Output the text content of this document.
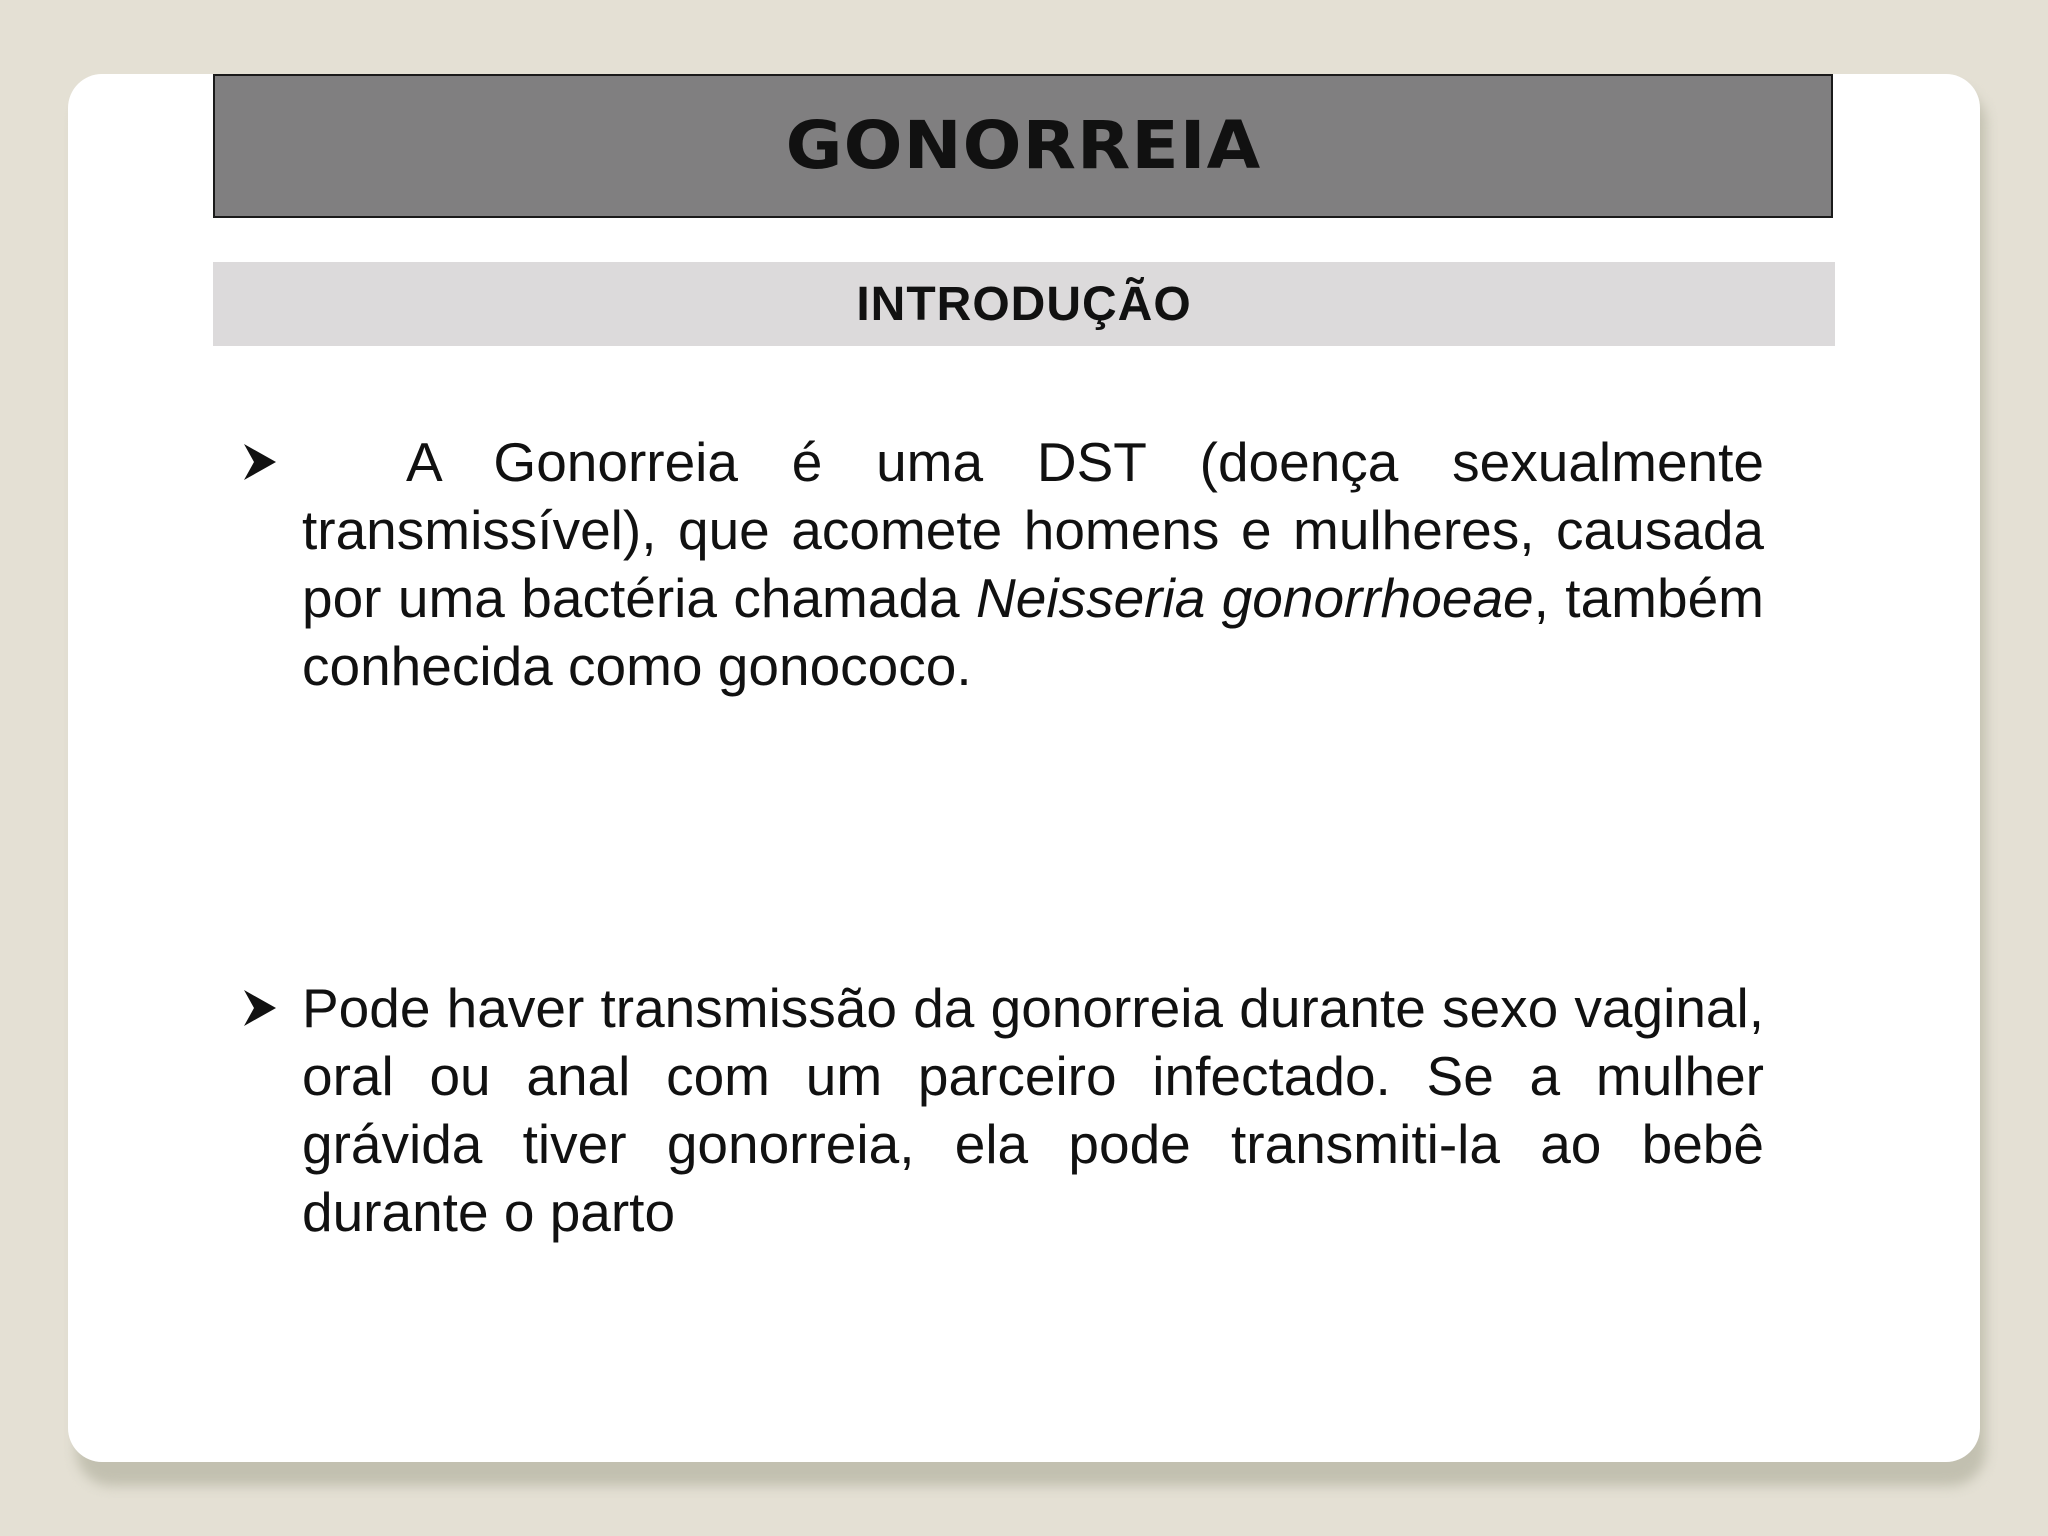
GONORREIA
INTRODUÇÃO
A Gonorreia é uma DST (doença sexualmente transmissível), que acomete homens e mulheres, causada por uma bactéria chamada Neisseria gonorrhoeae, também conhecida como gonococo.
Pode haver transmissão da gonorreia durante sexo vaginal, oral ou anal com um parceiro infectado. Se a mulher grávida tiver gonorreia, ela pode transmiti-la ao bebê durante o parto
